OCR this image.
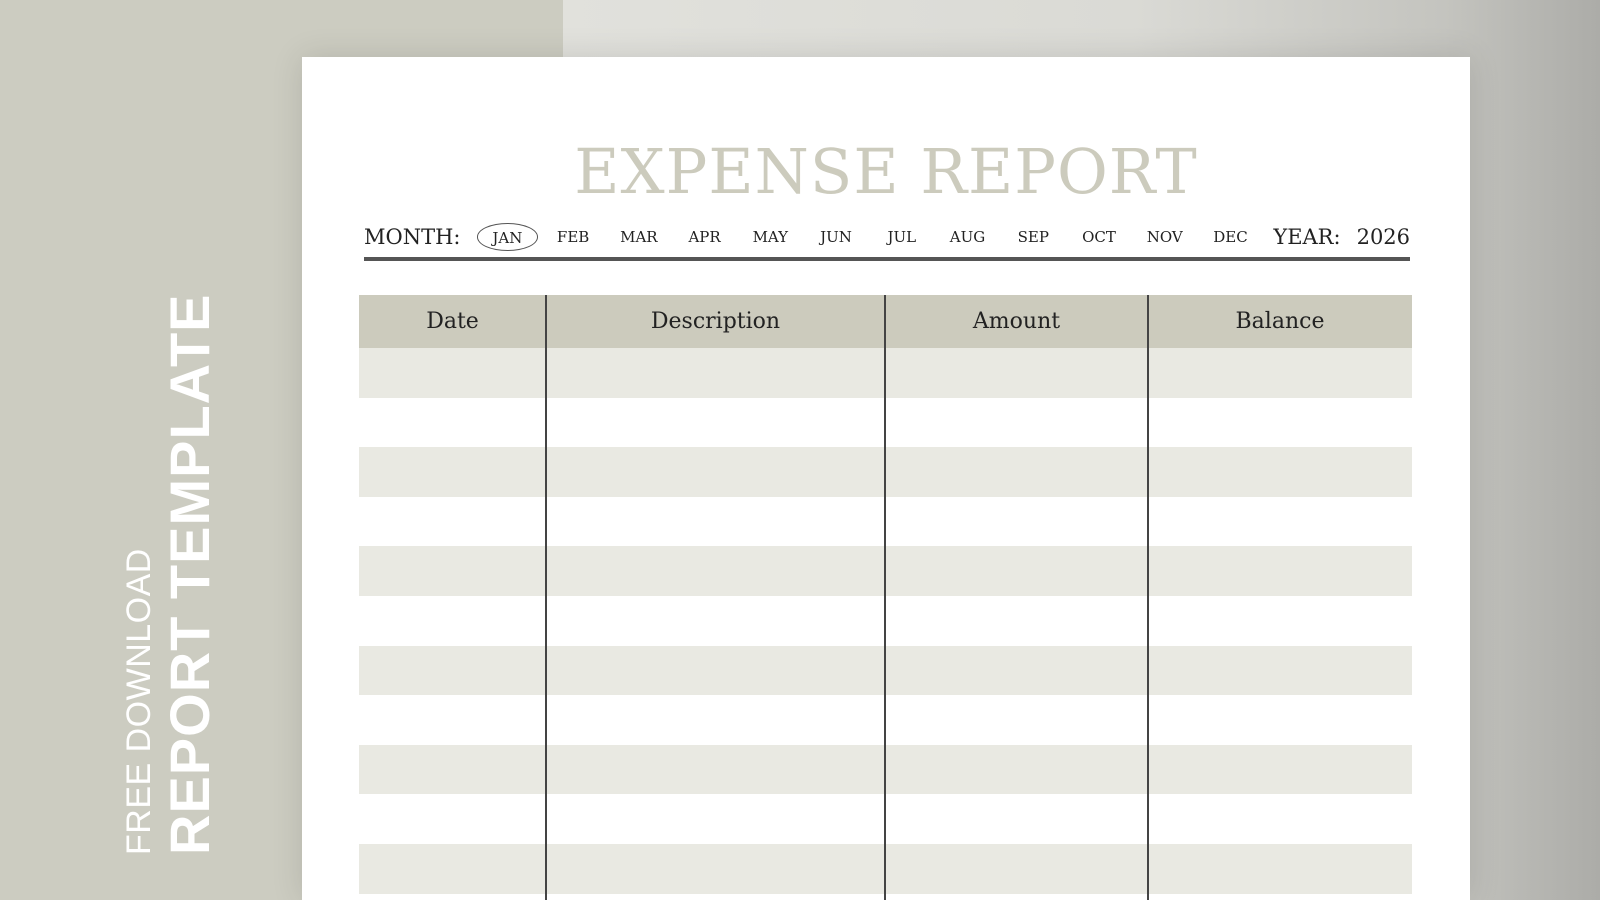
FREE DOWNLOAD REPORT TEMPLATE
EXPENSE REPORT
MONTH:	JAN	FEB	MAR	APR	MAY	JUN	JUL	AUG	SEP	OCT	NOV	DEC	YEAR: 2026
Date	Description	Amount	Balance
